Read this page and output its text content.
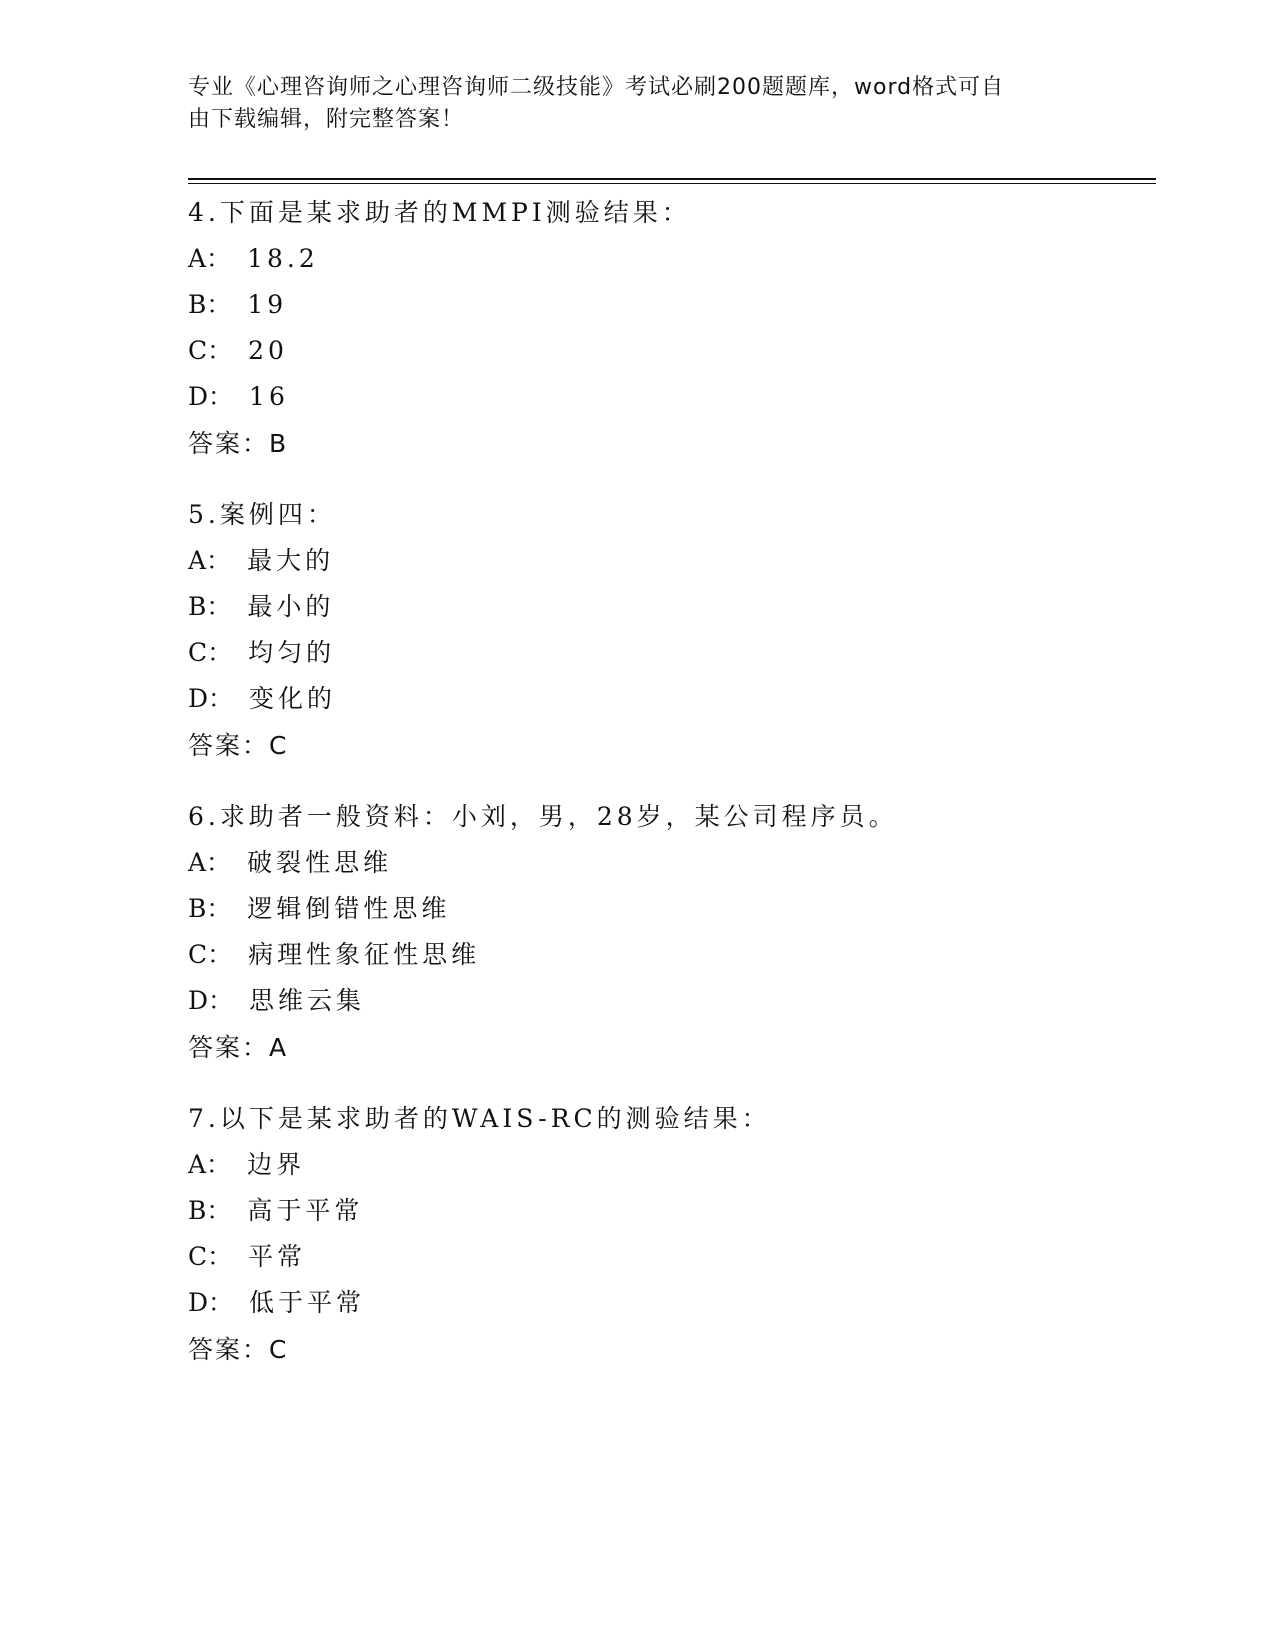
专业《心理咨询师之心理咨询师二级技能》考试必刷200题题库，word格式可自
由下载编辑，附完整答案！
4.下面是某求助者的MMPI测验结果：
A： 18.2
B： 19
C： 20
D： 16
答案：B
5.案例四：
A： 最大的
B： 最小的
C： 均匀的
D： 变化的
答案：C
6.求助者一般资料：小刘，男，28岁，某公司程序员。
A： 破裂性思维
B： 逻辑倒错性思维
C： 病理性象征性思维
D： 思维云集
答案：A
7.以下是某求助者的WAIS-RC的测验结果：
A： 边界
B： 高于平常
C： 平常
D： 低于平常
答案：C
